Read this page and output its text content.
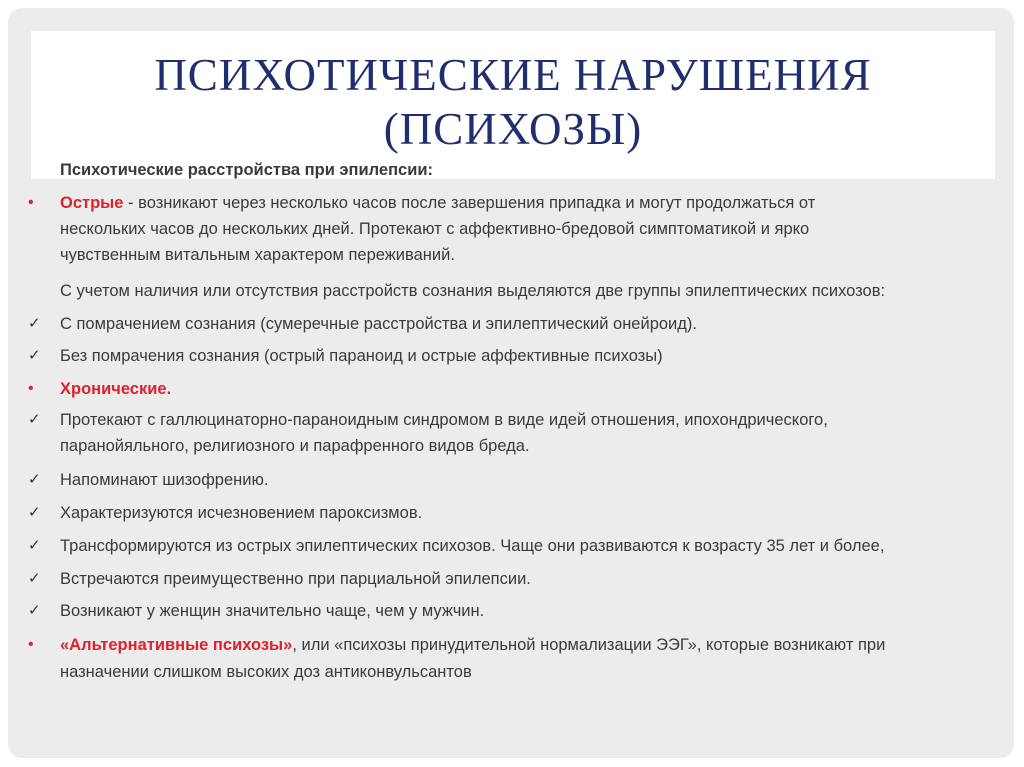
ПСИХОТИЧЕСКИЕ НАРУШЕНИЯ
(ПСИХОЗЫ)
Психотические расстройства при эпилепсии:
• Острые - возникают через несколько часов после завершения припадка и могут продолжаться от
нескольких часов до нескольких дней. Протекают с аффективно-бредовой симптоматикой и ярко
чувственным витальным характером переживаний.
С учетом наличия или отсутствия расстройств сознания выделяются две группы эпилептических психозов:
✓ С помрачением сознания (сумеречные расстройства и эпилептический онейроид).
✓ Без помрачения сознания (острый параноид и острые аффективные психозы)
• Хронические.
✓ Протекают с галлюцинаторно-параноидным синдромом в виде идей отношения, ипохондрического,
паранойяльного, религиозного и парафренного видов бреда.
✓ Напоминают шизофрению.
✓ Характеризуются исчезновением пароксизмов.
✓ Трансформируются из острых эпилептических психозов. Чаще они развиваются к возрасту 35 лет и более,
✓ Встречаются преимущественно при парциальной эпилепсии.
✓ Возникают у женщин значительно чаще, чем у мужчин.
• «Альтернативные психозы», или «психозы принудительной нормализации ЭЭГ», которые возникают при
назначении слишком высоких доз антиконвульсантов
